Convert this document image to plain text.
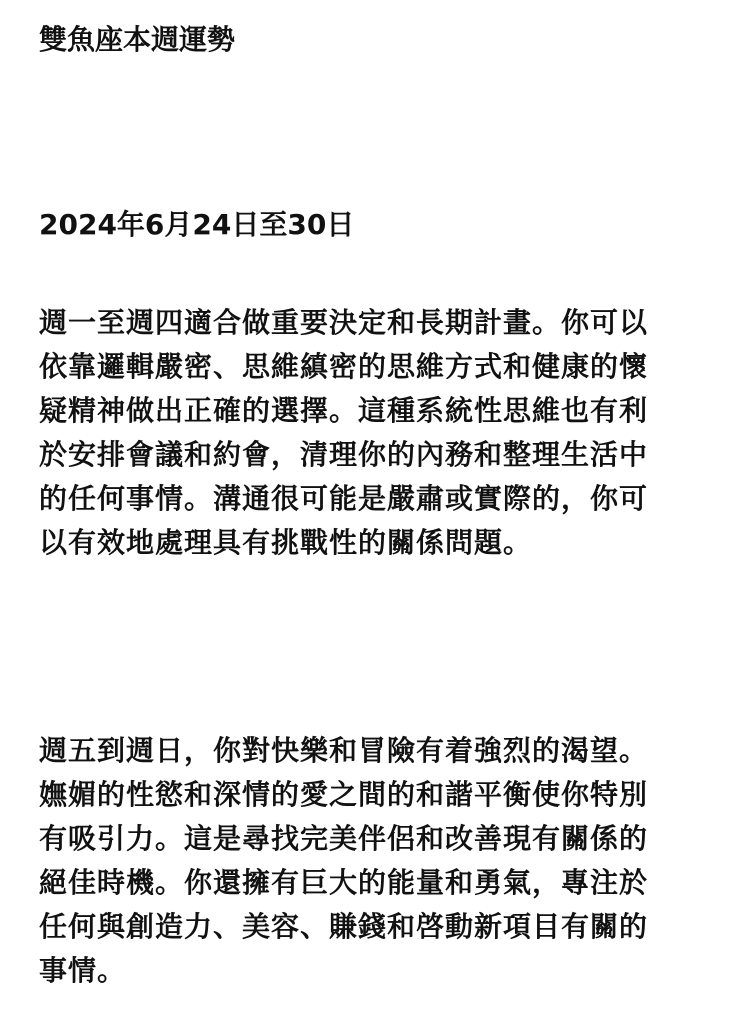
雙魚座本週運勢

2024年6月24日至30日

週一至週四適合做重要決定和長期計畫。你可以
依靠邏輯嚴密、思維縝密的思維方式和健康的懷
疑精神做出正確的選擇。這種系統性思維也有利
於安排會議和約會，清理你的內務和整理生活中
的任何事情。溝通很可能是嚴肅或實際的，你可
以有效地處理具有挑戰性的關係問題。

週五到週日，你對快樂和冒險有着強烈的渴望。
嫵媚的性慾和深情的愛之間的和諧平衡使你特別
有吸引力。這是尋找完美伴侶和改善現有關係的
絕佳時機。你還擁有巨大的能量和勇氣，專注於
任何與創造力、美容、賺錢和啓動新項目有關的
事情。
